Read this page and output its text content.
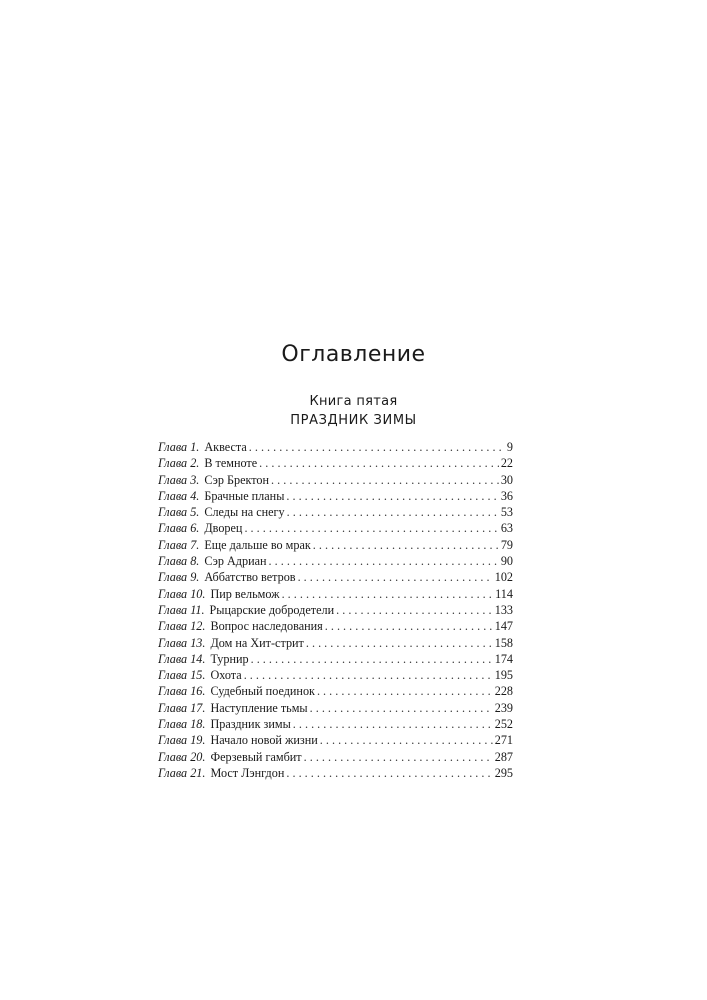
Оглавление
Книга пятая
ПРАЗДНИК ЗИМЫ
Глава 1. Аквеста . . .	9
Глава 2. В темноте . . .	22
Глава 3. Сэр Бректон . . .	30
Глава 4. Брачные планы . . .	36
Глава 5. Следы на снегу . . .	53
Глава 6. Дворец . . .	63
Глава 7. Еще дальше во мрак . . .	79
Глава 8. Сэр Адриан . . .	90
Глава 9. Аббатство ветров . . .	102
Глава 10. Пир вельмож . . .	114
Глава 11. Рыцарские добродетели . . .	133
Глава 12. Вопрос наследования . . .	147
Глава 13. Дом на Хит-стрит . . .	158
Глава 14. Турнир . . .	174
Глава 15. Охота . . .	195
Глава 16. Судебный поединок . . .	228
Глава 17. Наступление тьмы . . .	239
Глава 18. Праздник зимы . . .	252
Глава 19. Начало новой жизни . . .	271
Глава 20. Ферзевый гамбит . . .	287
Глава 21. Мост Лэнгдон . . .	295
